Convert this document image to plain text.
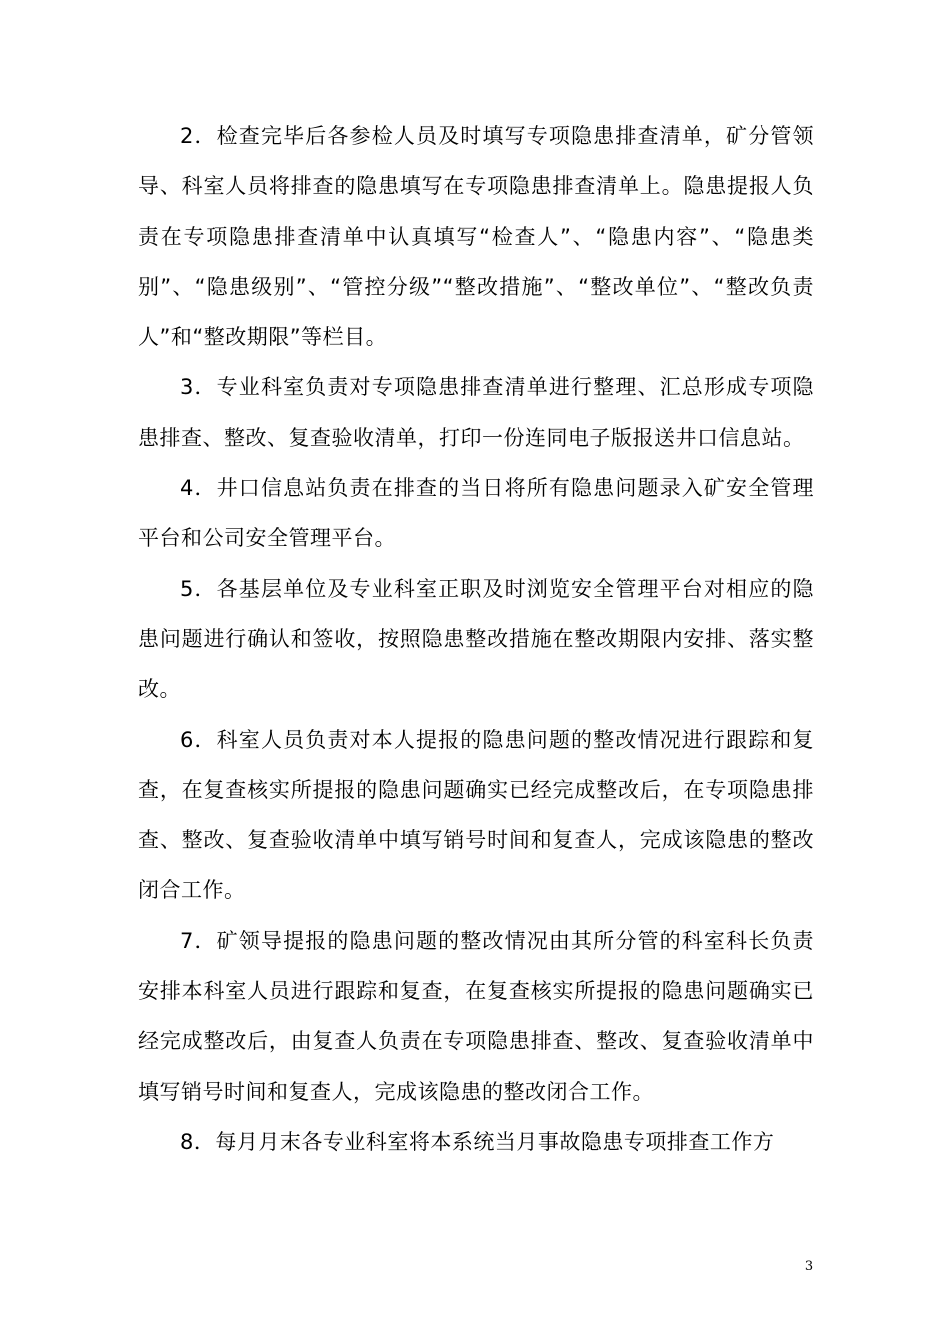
2．检查完毕后各参检人员及时填写专项隐患排查清单，矿分管领导、科室人员将排查的隐患填写在专项隐患排查清单上。隐患提报人负责在专项隐患排查清单中认真填写“检查人”、“隐患内容”、“隐患类别”、“隐患级别”、“管控分级”“整改措施”、“整改单位”、“整改负责人”和“整改期限”等栏目。

3．专业科室负责对专项隐患排查清单进行整理、汇总形成专项隐患排查、整改、复查验收清单，打印一份连同电子版报送井口信息站。

4．井口信息站负责在排查的当日将所有隐患问题录入矿安全管理平台和公司安全管理平台。

5．各基层单位及专业科室正职及时浏览安全管理平台对相应的隐患问题进行确认和签收，按照隐患整改措施在整改期限内安排、落实整改。

6．科室人员负责对本人提报的隐患问题的整改情况进行跟踪和复查，在复查核实所提报的隐患问题确实已经完成整改后，在专项隐患排查、整改、复查验收清单中填写销号时间和复查人，完成该隐患的整改闭合工作。

7．矿领导提报的隐患问题的整改情况由其所分管的科室科长负责安排本科室人员进行跟踪和复查，在复查核实所提报的隐患问题确实已经完成整改后，由复查人负责在专项隐患排查、整改、复查验收清单中填写销号时间和复查人，完成该隐患的整改闭合工作。

8．每月月末各专业科室将本系统当月事故隐患专项排查工作方

3
